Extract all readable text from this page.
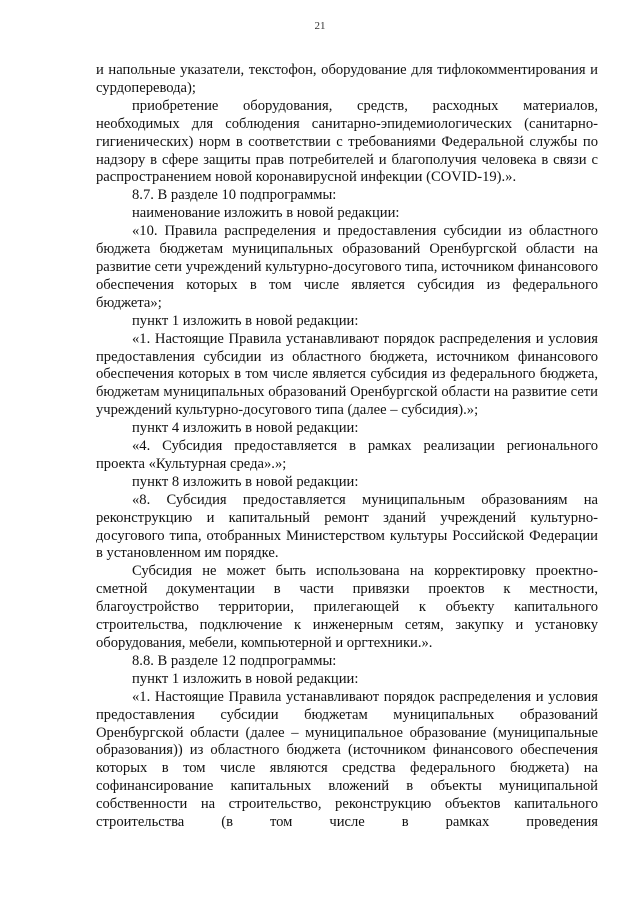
21

и напольные указатели, текстофон, оборудование для тифлокомментирования и сурдоперевода);

приобретение оборудования, средств, расходных материалов, необходимых для соблюдения санитарно-эпидемиологических (санитарно-гигиенических) норм в соответствии с требованиями Федеральной службы по надзору в сфере защиты прав потребителей и благополучия человека в связи с распространением новой коронавирусной инфекции (COVID-19).».

8.7. В разделе 10 подпрограммы:

наименование изложить в новой редакции:

«10. Правила распределения и предоставления субсидии из областного бюджета бюджетам муниципальных образований Оренбургской области на развитие сети учреждений культурно-досугового типа, источником финансового обеспечения которых в том числе является субсидия из федерального бюджета»;

пункт 1 изложить в новой редакции:

«1. Настоящие Правила устанавливают порядок распределения и условия предоставления субсидии из областного бюджета, источником финансового обеспечения которых в том числе является субсидия из федерального бюджета, бюджетам муниципальных образований Оренбургской области на развитие сети учреждений культурно-досугового типа (далее – субсидия).»;

пункт 4 изложить в новой редакции:

«4. Субсидия предоставляется в рамках реализации регионального проекта «Культурная среда».»;

пункт 8 изложить в новой редакции:

«8. Субсидия предоставляется муниципальным образованиям на реконструкцию и капитальный ремонт зданий учреждений культурно-досугового типа, отобранных Министерством культуры Российской Федерации в установленном им порядке.

Субсидия не может быть использована на корректировку проектно-сметной документации в части привязки проектов к местности, благоустройство территории, прилегающей к объекту капитального строительства, подключение к инженерным сетям, закупку и установку оборудования, мебели, компьютерной и оргтехники.».

8.8. В разделе 12 подпрограммы:

пункт 1 изложить в новой редакции:

«1. Настоящие Правила устанавливают порядок распределения и условия предоставления субсидии бюджетам муниципальных образований Оренбургской области (далее – муниципальное образование (муниципальные образования)) из областного бюджета (источником финансового обеспечения которых в том числе являются средства федерального бюджета) на софинансирование капитальных вложений в объекты муниципальной собственности на строительство, реконструкцию объектов капитального строительства (в том числе в рамках проведения
